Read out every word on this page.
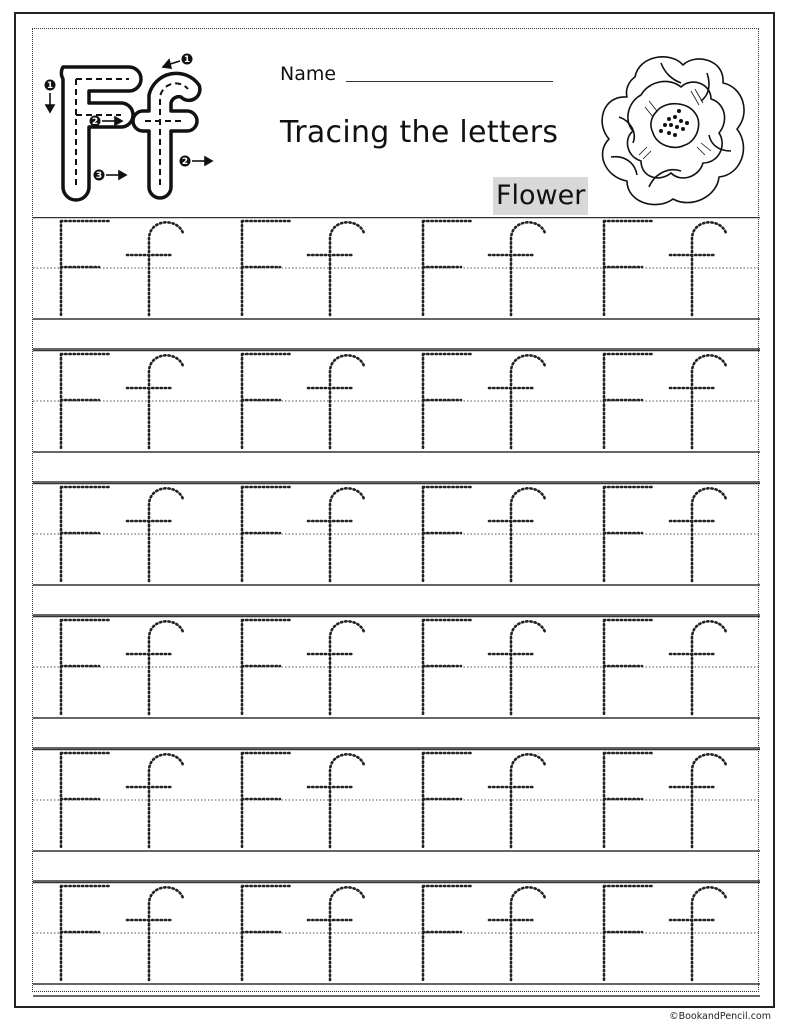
1
2
3
1
2
Name
Tracing the letters
Flower
©BookandPencil.com
